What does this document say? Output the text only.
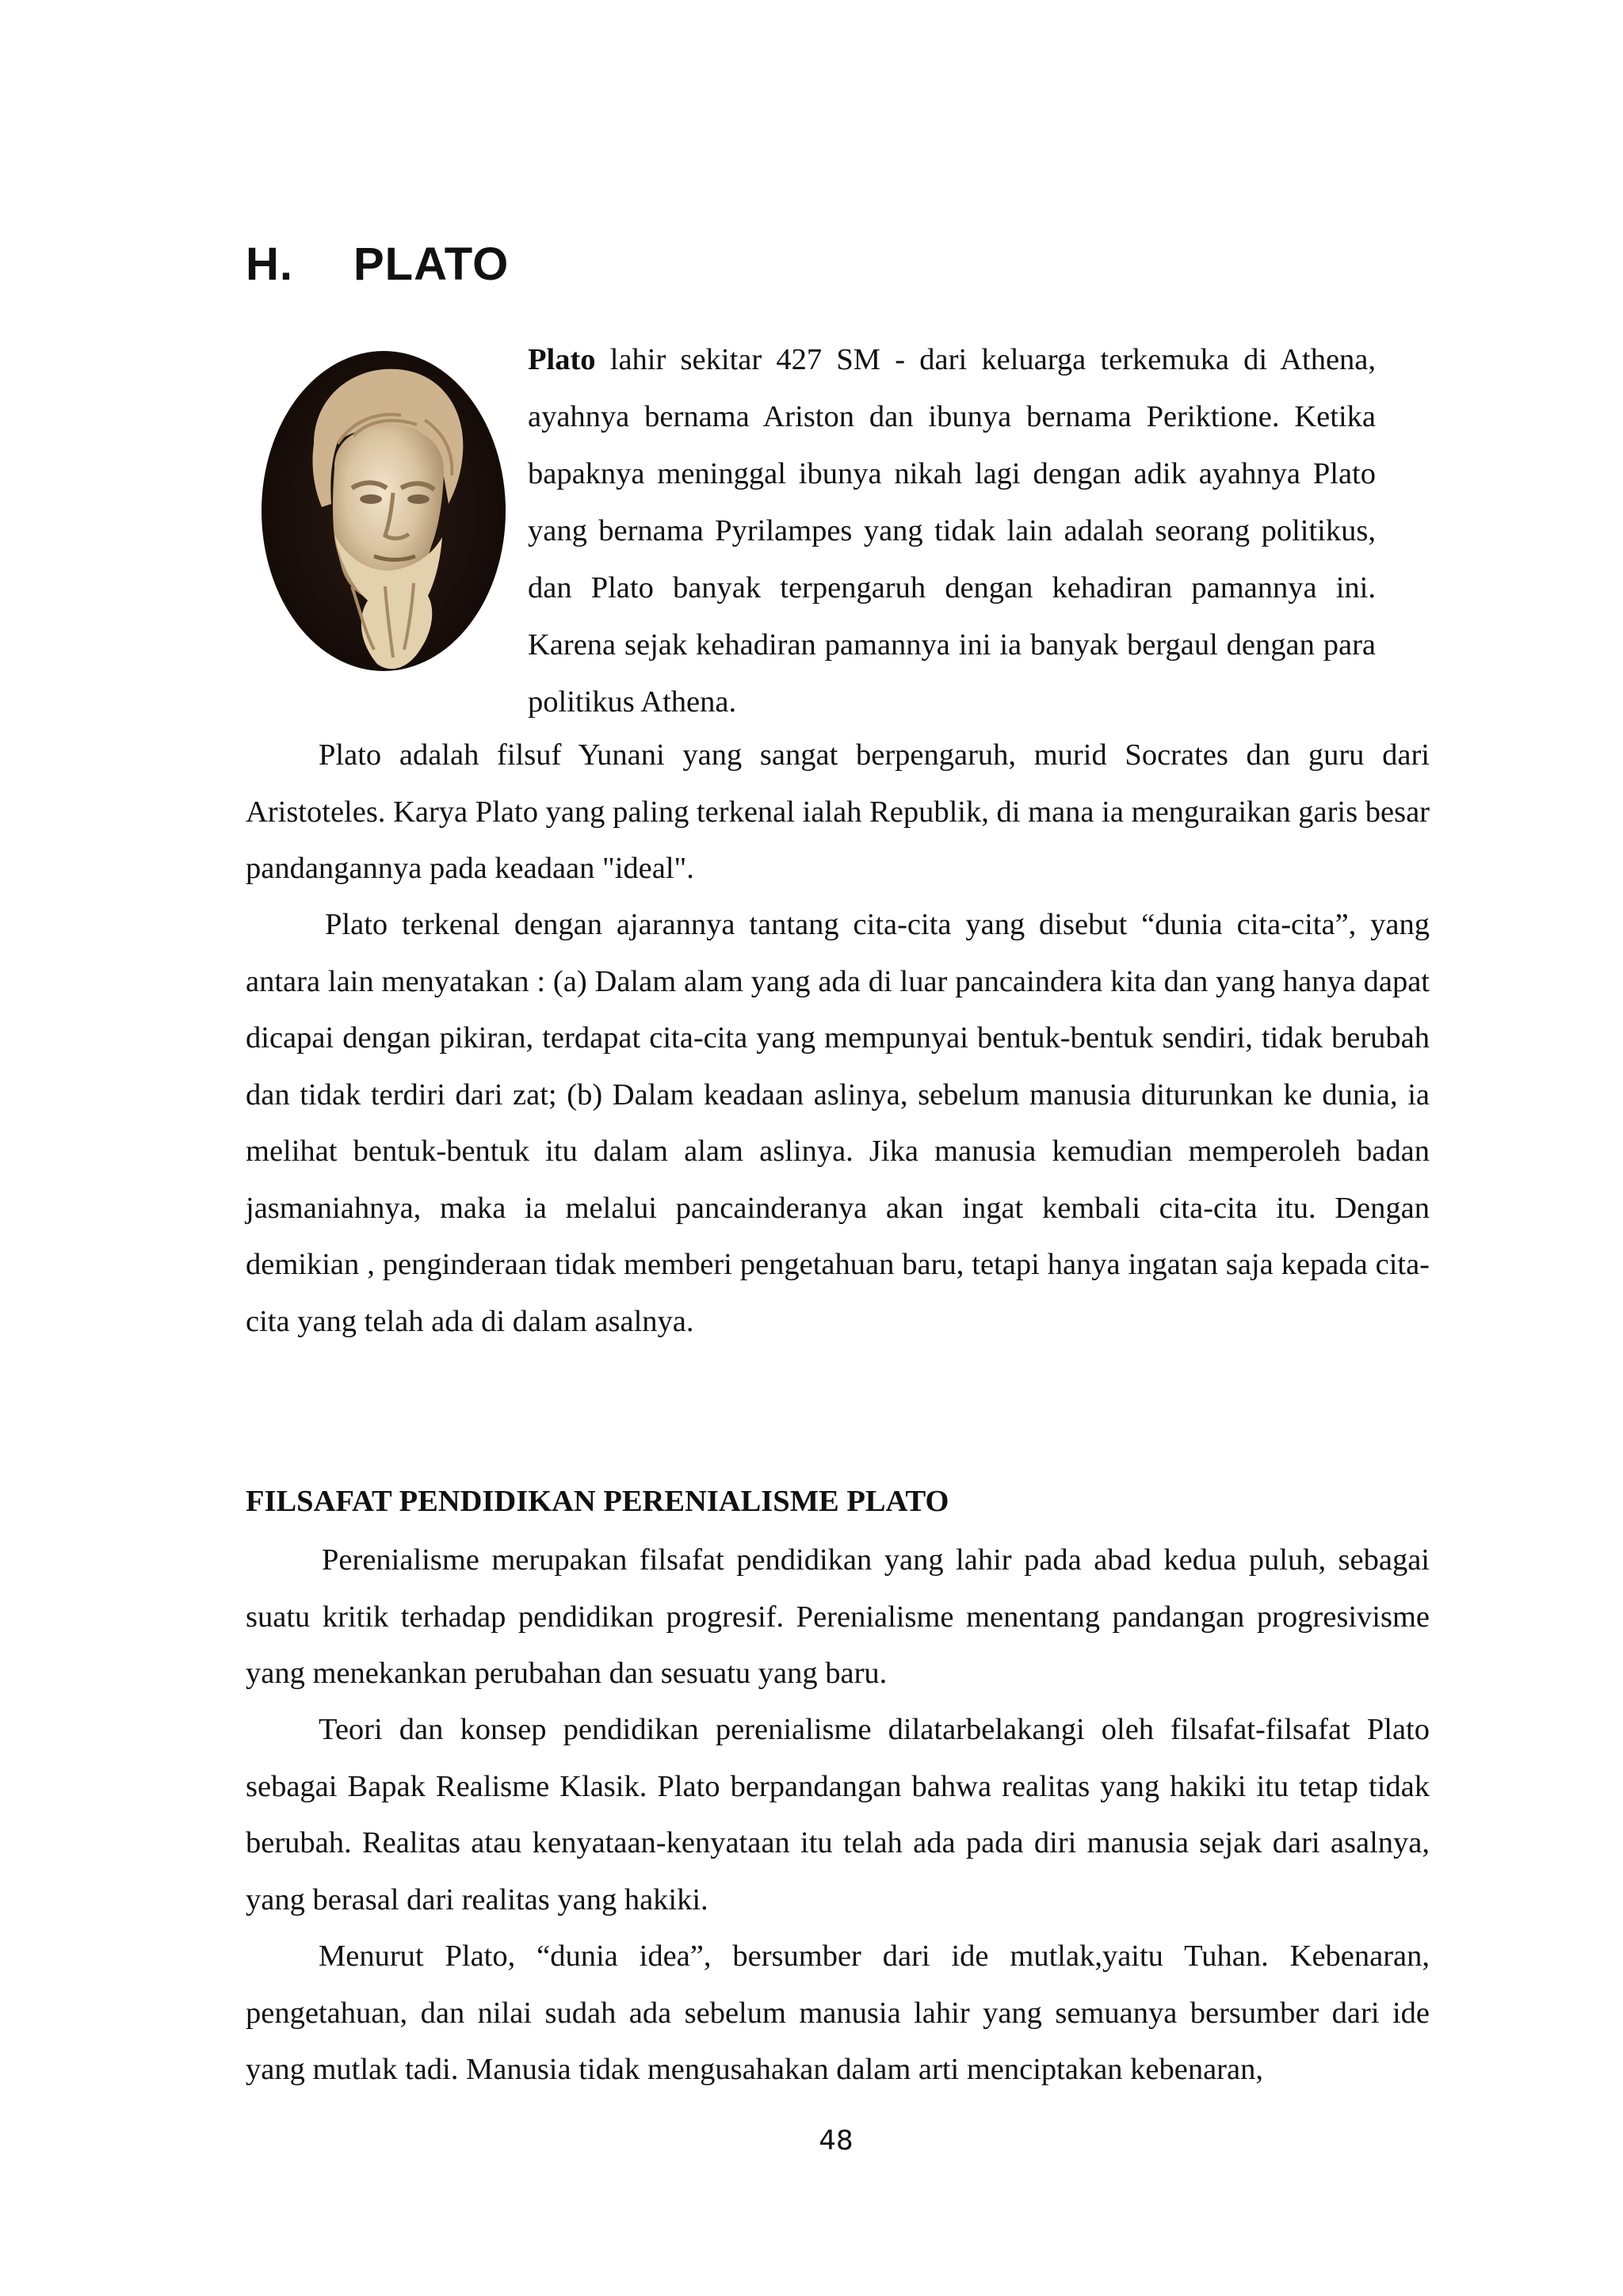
H. PLATO

Plato lahir sekitar 427 SM - dari keluarga terkemuka di Athena, ayahnya bernama Ariston dan ibunya bernama Periktione. Ketika bapaknya meninggal ibunya nikah lagi dengan adik ayahnya Plato yang bernama Pyrilampes yang tidak lain adalah seorang politikus, dan Plato banyak terpengaruh dengan kehadiran pamannya ini. Karena sejak kehadiran pamannya ini ia banyak bergaul dengan para politikus Athena.

Plato adalah filsuf Yunani yang sangat berpengaruh, murid Socrates dan guru dari Aristoteles. Karya Plato yang paling terkenal ialah Republik, di mana ia menguraikan garis besar pandangannya pada keadaan "ideal".

Plato terkenal dengan ajarannya tantang cita-cita yang disebut “dunia cita-cita”, yang antara lain menyatakan : (a) Dalam alam yang ada di luar pancaindera kita dan yang hanya dapat dicapai dengan pikiran, terdapat cita-cita yang mempunyai bentuk-bentuk sendiri, tidak berubah dan tidak terdiri dari zat; (b) Dalam keadaan aslinya, sebelum manusia diturunkan ke dunia, ia melihat bentuk-bentuk itu dalam alam aslinya. Jika manusia kemudian memperoleh badan jasmaniahnya, maka ia melalui pancainderanya akan ingat kembali cita-cita itu. Dengan demikian , penginderaan tidak memberi pengetahuan baru, tetapi hanya ingatan saja kepada cita-cita yang telah ada di dalam asalnya.

FILSAFAT PENDIDIKAN PERENIALISME PLATO

Perenialisme merupakan filsafat pendidikan yang lahir pada abad kedua puluh, sebagai suatu kritik terhadap pendidikan progresif. Perenialisme menentang pandangan progresivisme yang menekankan perubahan dan sesuatu yang baru.

Teori dan konsep pendidikan perenialisme dilatarbelakangi oleh filsafat-filsafat Plato sebagai Bapak Realisme Klasik. Plato berpandangan bahwa realitas yang hakiki itu tetap tidak berubah. Realitas atau kenyataan-kenyataan itu telah ada pada diri manusia sejak dari asalnya, yang berasal dari realitas yang hakiki.

Menurut Plato, “dunia idea”, bersumber dari ide mutlak,yaitu Tuhan. Kebenaran, pengetahuan, dan nilai sudah ada sebelum manusia lahir yang semuanya bersumber dari ide yang mutlak tadi. Manusia tidak mengusahakan dalam arti menciptakan kebenaran,

48
